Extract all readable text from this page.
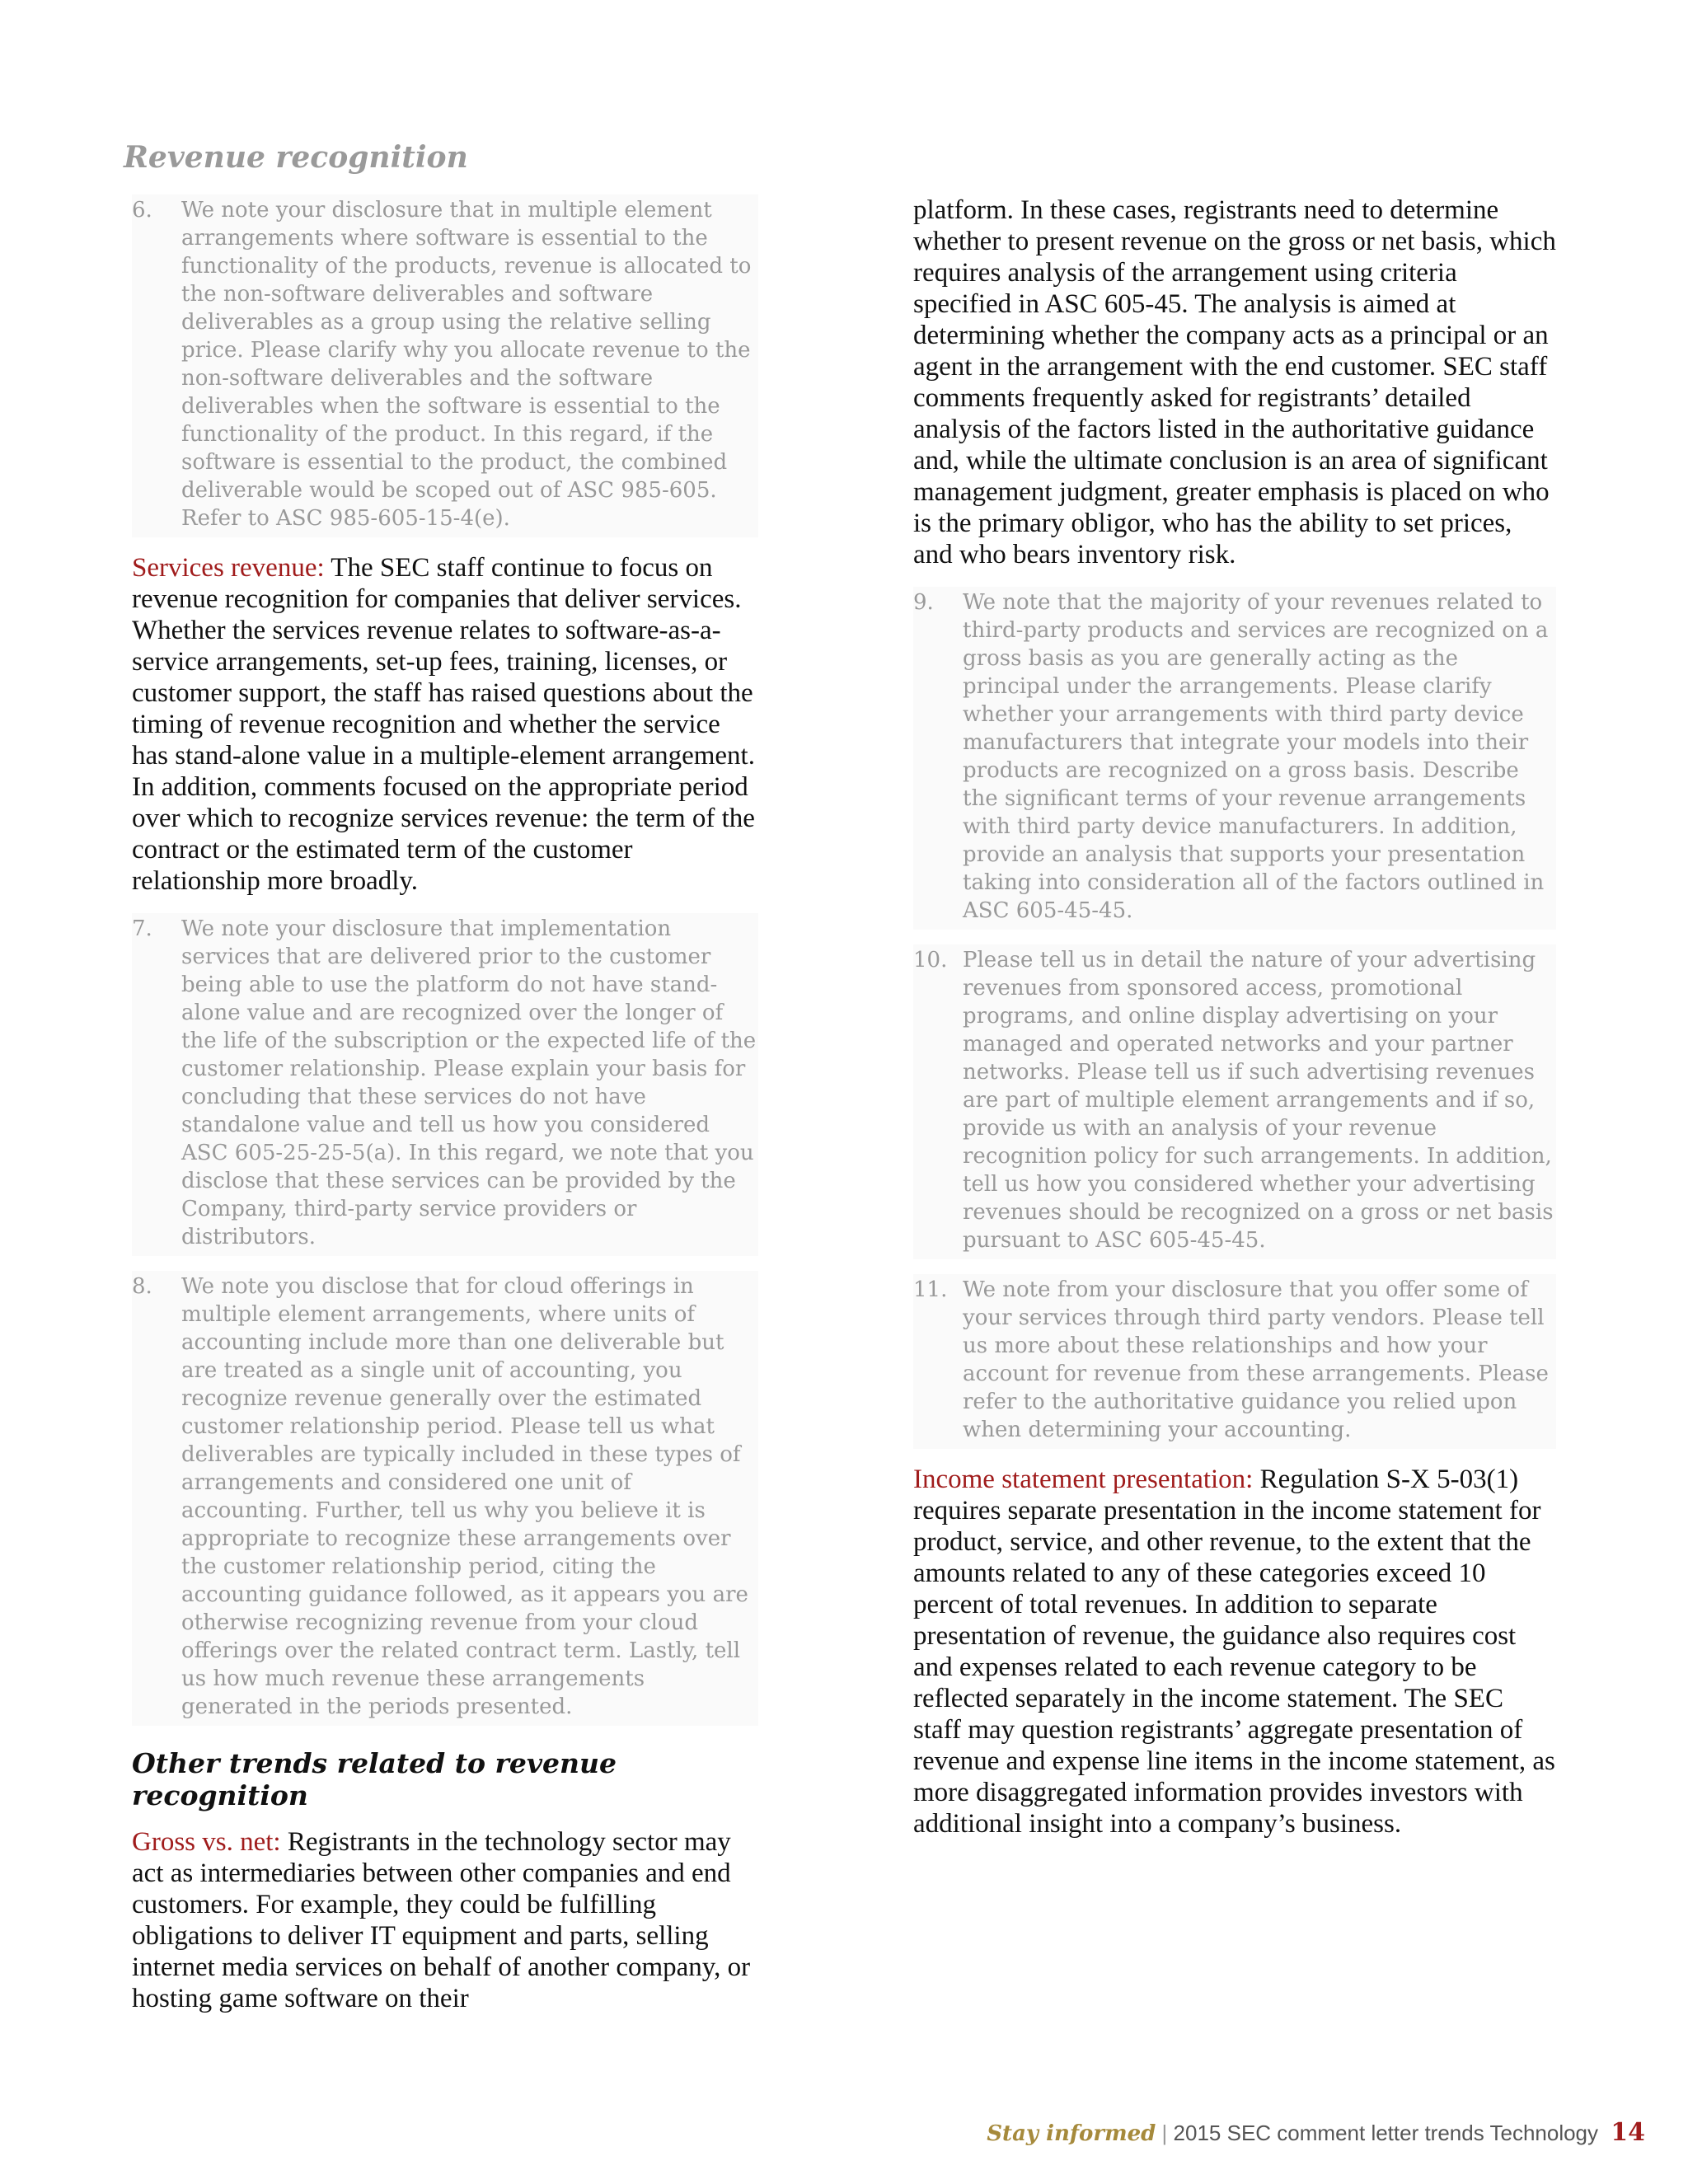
Revenue recognition
6.	We note your disclosure that in multiple element arrangements where software is essential to the functionality of the products, revenue is allocated to the non-software deliverables and software deliverables as a group using the relative selling price. Please clarify why you allocate revenue to the non-software deliverables and the software deliverables when the software is essential to the functionality of the product. In this regard, if the software is essential to the product, the combined deliverable would be scoped out of ASC 985-605. Refer to ASC 985-605-15-4(e).

Services revenue: The SEC staff continue to focus on revenue recognition for companies that deliver services. Whether the services revenue relates to software-as-a-service arrangements, set-up fees, training, licenses, or customer support, the staff has raised questions about the timing of revenue recognition and whether the service has stand-alone value in a multiple-element arrangement. In addition, comments focused on the appropriate period over which to recognize services revenue: the term of the contract or the estimated term of the customer relationship more broadly.

7.	We note your disclosure that implementation services that are delivered prior to the customer being able to use the platform do not have stand-alone value and are recognized over the longer of the life of the subscription or the expected life of the customer relationship. Please explain your basis for concluding that these services do not have standalone value and tell us how you considered ASC 605-25-25-5(a). In this regard, we note that you disclose that these services can be provided by the Company, third-party service providers or distributors.
8.	We note you disclose that for cloud offerings in multiple element arrangements, where units of accounting include more than one deliverable but are treated as a single unit of accounting, you recognize revenue generally over the estimated customer relationship period. Please tell us what deliverables are typically included in these types of arrangements and considered one unit of accounting. Further, tell us why you believe it is appropriate to recognize these arrangements over the customer relationship period, citing the accounting guidance followed, as it appears you are otherwise recognizing revenue from your cloud offerings over the related contract term. Lastly, tell us how much revenue these arrangements generated in the periods presented.
Other trends related to revenue recognition

Gross vs. net: Registrants in the technology sector may act as intermediaries between other companies and end customers. For example, they could be fulfilling obligations to deliver IT equipment and parts, selling internet media services on behalf of another company, or hosting game software on their

platform. In these cases, registrants need to determine whether to present revenue on the gross or net basis, which requires analysis of the arrangement using criteria specified in ASC 605-45. The analysis is aimed at determining whether the company acts as a principal or an agent in the arrangement with the end customer. SEC staff comments frequently asked for registrants’ detailed analysis of the factors listed in the authoritative guidance and, while the ultimate conclusion is an area of significant management judgment, greater emphasis is placed on who is the primary obligor, who has the ability to set prices, and who bears inventory risk.

9.	We note that the majority of your revenues related to third-party products and services are recognized on a gross basis as you are generally acting as the principal under the arrangements. Please clarify whether your arrangements with third party device manufacturers that integrate your models into their products are recognized on a gross basis. Describe the significant terms of your revenue arrangements with third party device manufacturers. In addition, provide an analysis that supports your presentation taking into consideration all of the factors outlined in ASC 605-45-45.
10. Please tell us in detail the nature of your advertising revenues from sponsored access, promotional programs, and online display advertising on your managed and operated networks and your partner networks. Please tell us if such advertising revenues are part of multiple element arrangements and if so, provide us with an analysis of your revenue recognition policy for such arrangements. In addition, tell us how you considered whether your advertising revenues should be recognized on a gross or net basis pursuant to ASC 605-45-45.
11. We note from your disclosure that you offer some of your services through third party vendors. Please tell us more about these relationships and how your account for revenue from these arrangements. Please refer to the authoritative guidance you relied upon when determining your accounting.

Income statement presentation: Regulation S-X 5-03(1) requires separate presentation in the income statement for product, service, and other revenue, to the extent that the amounts related to any of these categories exceed 10 percent of total revenues. In addition to separate presentation of revenue, the guidance also requires cost and expenses related to each revenue category to be reflected separately in the income statement. The SEC staff may question registrants’ aggregate presentation of revenue and expense line items in the income statement, as more disaggregated information provides investors with additional insight into a company’s business.

Stay informed | 2015 SEC comment letter trends Technology 14
